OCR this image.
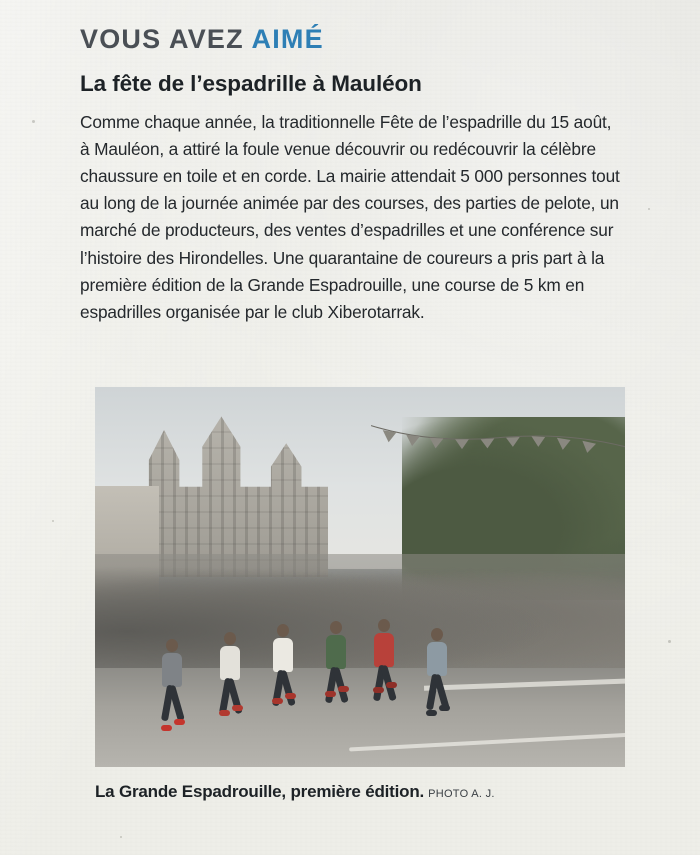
VOUS AVEZ AIMÉ
La fête de l’espadrille à Mauléon

Comme chaque année, la traditionnelle Fête de l’espadrille du 15 août, à Mauléon, a attiré la foule venue découvrir ou redécouvrir la célèbre chaussure en toile et en corde. La mairie attendait 5 000 personnes tout au long de la journée animée par des courses, des parties de pelote, un marché de producteurs, des ventes d’espadrilles et une conférence sur l’histoire des Hirondelles. Une quarantaine de coureurs a pris part à la première édition de la Grande Espadrouille, une course de 5 km en espadrilles organisée par le club Xiberotarrak.

La Grande Espadrouille, première édition. PHOTO A. J.
